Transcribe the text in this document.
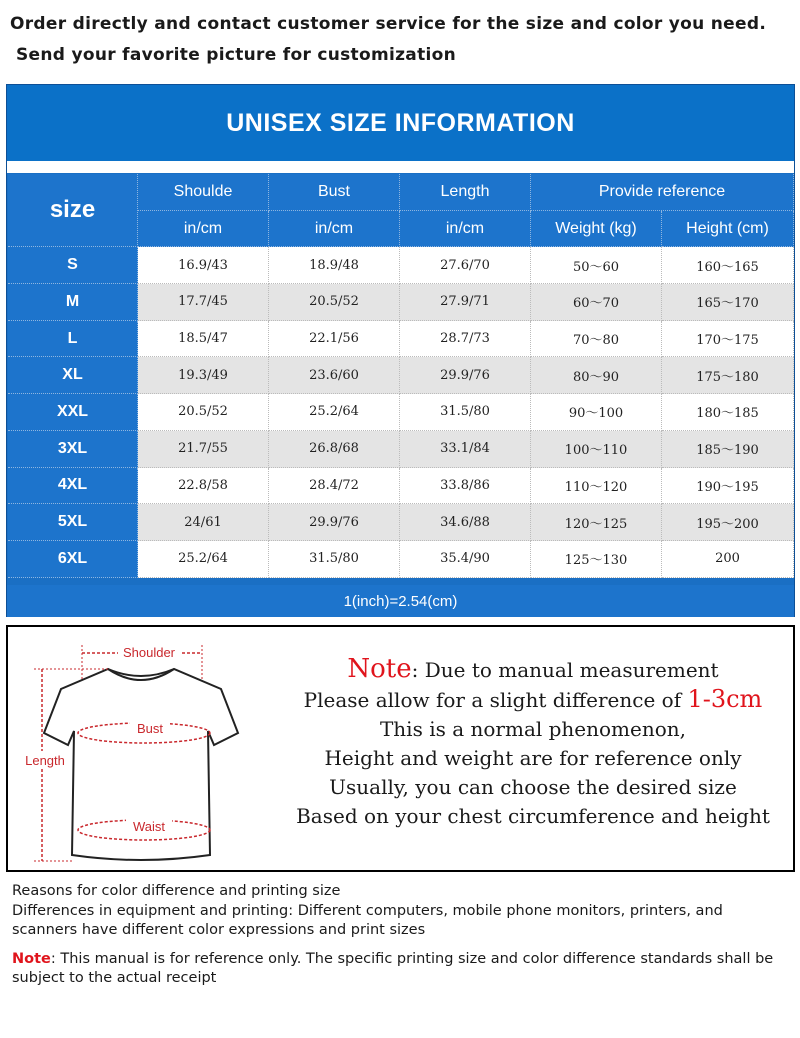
Order directly and contact customer service for the size and color you need.
Send your favorite picture for customization
UNISEX SIZE INFORMATION
size	Shoulde	Bust	Length	Provide reference	
	in/cm	in/cm	in/cm	Weight (kg)	Height (cm)
S	16.9/43	18.9/48	27.6/70	50～60	160～165
M	17.7/45	20.5/52	27.9/71	60～70	165～170
L	18.5/47	22.1/56	28.7/73	70～80	170～175
XL	19.3/49	23.6/60	29.9/76	80～90	175～180
XXL	20.5/52	25.2/64	31.5/80	90～100	180～185
3XL	21.7/55	26.8/68	33.1/84	100～110	185～190
4XL	22.8/58	28.4/72	33.8/86	110～120	190～195
5XL	24/61	29.9/76	34.6/88	120～125	195～200
6XL	25.2/64	31.5/80	35.4/90	125～130	200
1(inch)=2.54(cm)
Shoulder
Length
Bust
Waist
Note: Due to manual measurement
Please allow for a slight difference of 1-3cm
This is a normal phenomenon,
Height and weight are for reference only
Usually, you can choose the desired size
Based on your chest circumference and height
Reasons for color difference and printing size
Differences in equipment and printing: Different computers, mobile phone monitors, printers, and scanners have different color expressions and print sizes
Note: This manual is for reference only. The specific printing size and color difference standards shall be subject to the actual receipt
